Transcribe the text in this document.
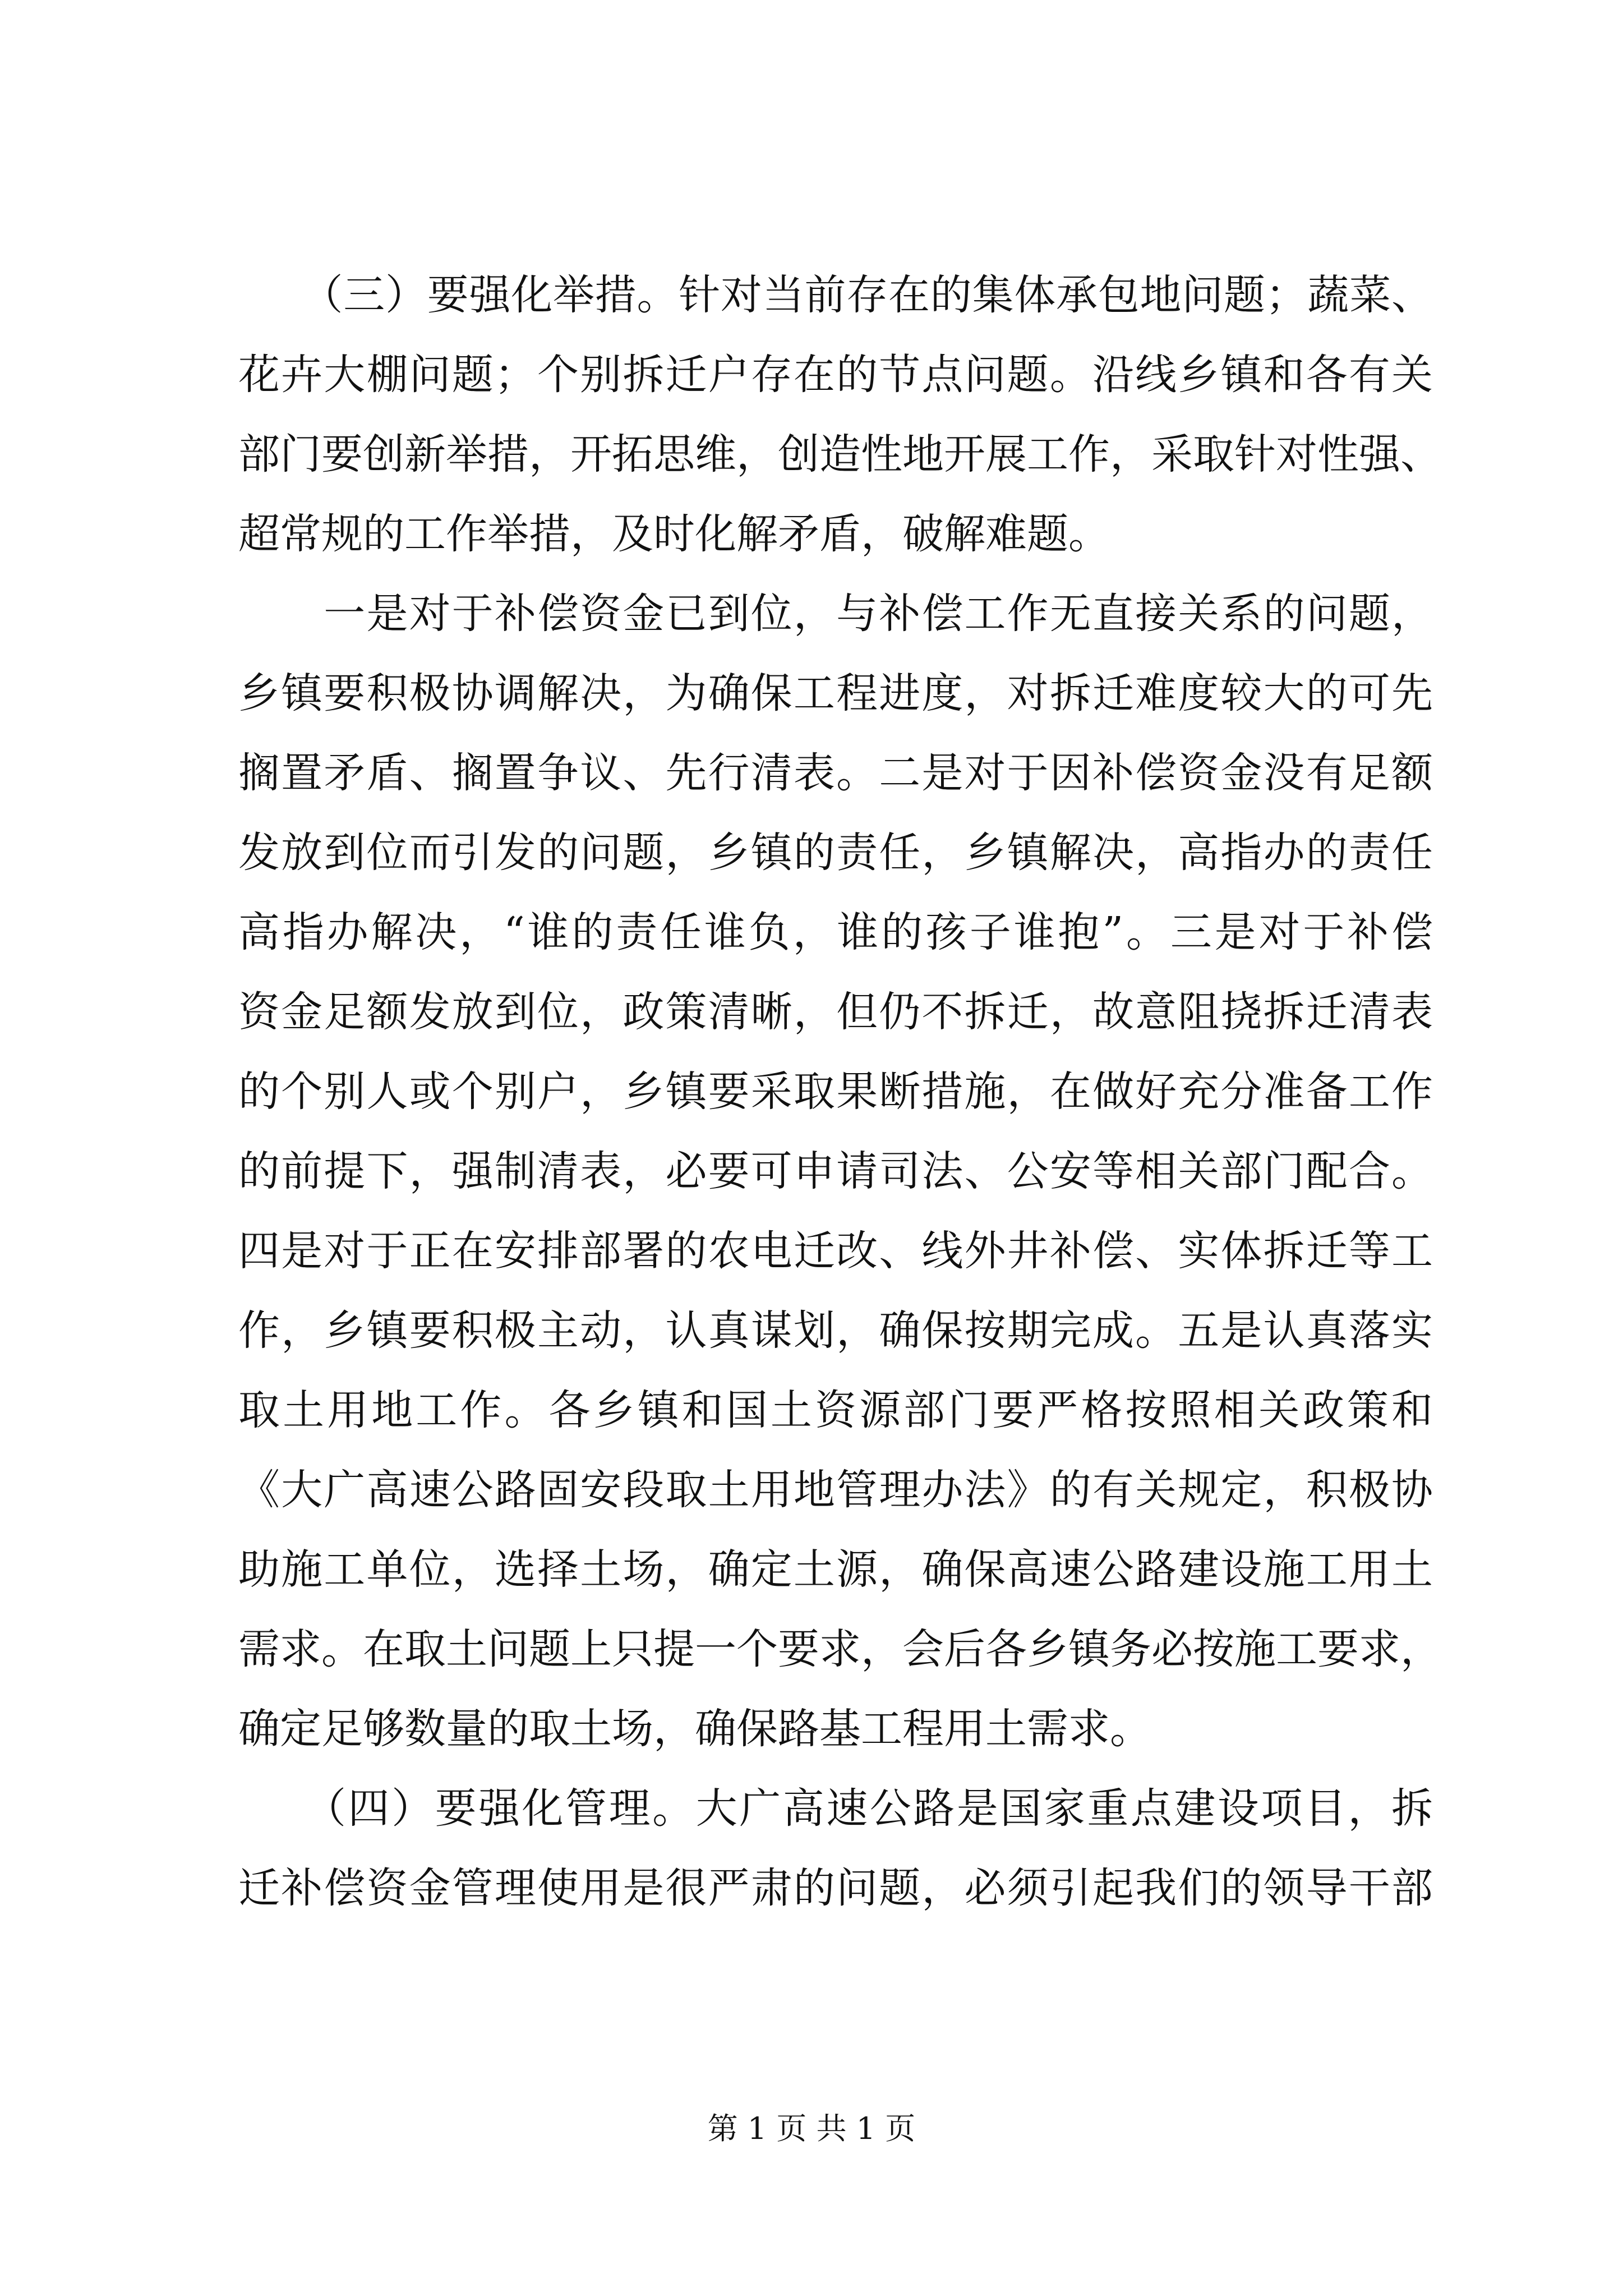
　　（三）要强化举措。针对当前存在的集体承包地问题；蔬菜、
花卉大棚问题；个别拆迁户存在的节点问题。沿线乡镇和各有关
部门要创新举措，开拓思维，创造性地开展工作，采取针对性强、
超常规的工作举措，及时化解矛盾，破解难题。
　　一是对于补偿资金已到位，与补偿工作无直接关系的问题，
乡镇要积极协调解决，为确保工程进度，对拆迁难度较大的可先
搁置矛盾、搁置争议、先行清表。二是对于因补偿资金没有足额
发放到位而引发的问题，乡镇的责任，乡镇解决，高指办的责任
高指办解决，“谁的责任谁负，谁的孩子谁抱”。三是对于补偿
资金足额发放到位，政策清晰，但仍不拆迁，故意阻挠拆迁清表
的个别人或个别户，乡镇要采取果断措施，在做好充分准备工作
的前提下，强制清表，必要可申请司法、公安等相关部门配合。
四是对于正在安排部署的农电迁改、线外井补偿、实体拆迁等工
作，乡镇要积极主动，认真谋划，确保按期完成。五是认真落实
取土用地工作。各乡镇和国土资源部门要严格按照相关政策和
《大广高速公路固安段取土用地管理办法》的有关规定，积极协
助施工单位，选择土场，确定土源，确保高速公路建设施工用土
需求。在取土问题上只提一个要求，会后各乡镇务必按施工要求，
确定足够数量的取土场，确保路基工程用土需求。
　　（四）要强化管理。大广高速公路是国家重点建设项目，拆
迁补偿资金管理使用是很严肃的问题，必须引起我们的领导干部
第 1 页 共 1 页
